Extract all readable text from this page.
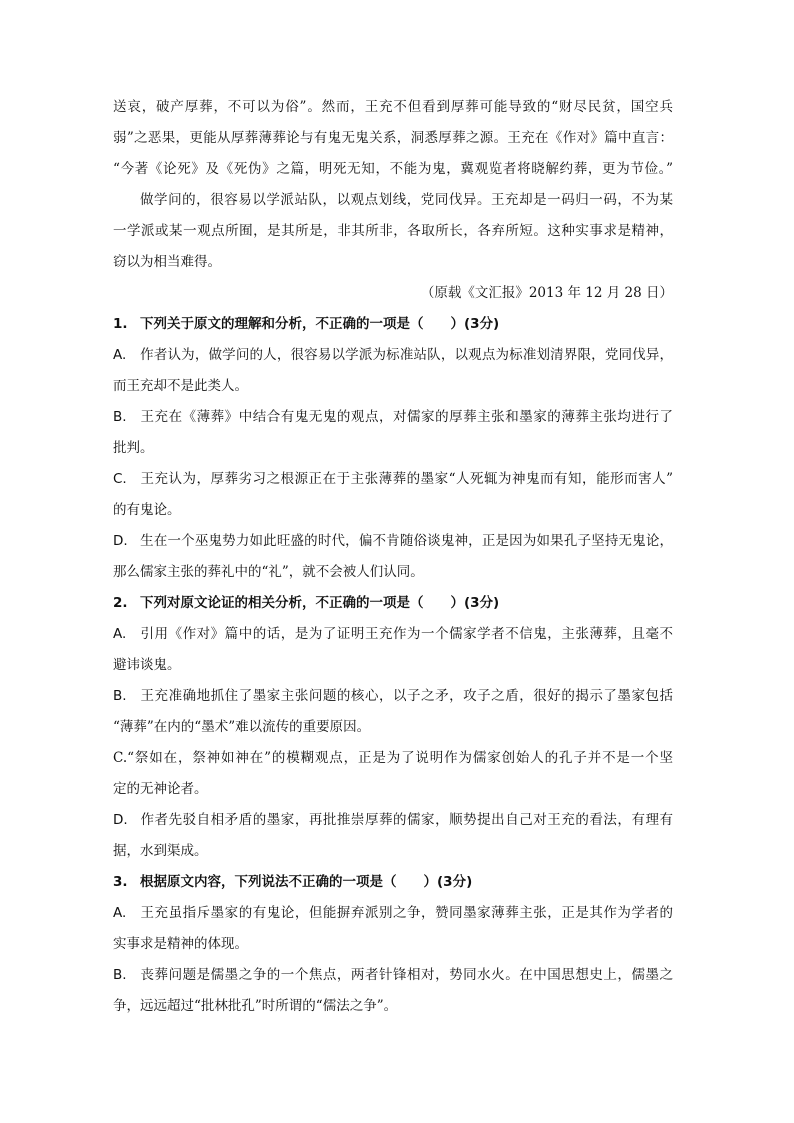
送哀，破产厚葬，不可以为俗”。然而，王充不但看到厚葬可能导致的“财尽民贫，国空兵
弱”之恶果，更能从厚葬薄葬论与有鬼无鬼关系，洞悉厚葬之源。王充在《作对》篇中直言：
“今著《论死》及《死伪》之篇，明死无知，不能为鬼，冀观览者将晓解约葬，更为节俭。”
做学问的，很容易以学派站队，以观点划线，党同伐异。王充却是一码归一码，不为某
一学派或某一观点所囿，是其所是，非其所非，各取所长，各弃所短。这种实事求是精神，
窃以为相当难得。
（原载《文汇报》2013 年 12 月 28 日）
1. 下列关于原文的理解和分析，不正确的一项是（　　）(3分)
A. 作者认为，做学问的人，很容易以学派为标准站队，以观点为标准划清界限，党同伐异，
而王充却不是此类人。
B. 王充在《薄葬》中结合有鬼无鬼的观点，对儒家的厚葬主张和墨家的薄葬主张均进行了
批判。
C. 王充认为，厚葬劣习之根源正在于主张薄葬的墨家“人死辄为神鬼而有知，能形而害人”
的有鬼论。
D. 生在一个巫鬼势力如此旺盛的时代，偏不肯随俗谈鬼神，正是因为如果孔子坚持无鬼论，
那么儒家主张的葬礼中的“礼”，就不会被人们认同。
2. 下列对原文论证的相关分析，不正确的一项是（　　）(3分)
A. 引用《作对》篇中的话，是为了证明王充作为一个儒家学者不信鬼，主张薄葬，且毫不
避讳谈鬼。
B. 王充准确地抓住了墨家主张问题的核心，以子之矛，攻子之盾，很好的揭示了墨家包括
“薄葬”在内的“墨术”难以流传的重要原因。
C.“祭如在，祭神如神在”的模糊观点，正是为了说明作为儒家创始人的孔子并不是一个坚
定的无神论者。
D. 作者先驳自相矛盾的墨家，再批推崇厚葬的儒家，顺势提出自己对王充的看法，有理有
据，水到渠成。
3. 根据原文内容，下列说法不正确的一项是（　　）(3分)
A. 王充虽指斥墨家的有鬼论，但能摒弃派别之争，赞同墨家薄葬主张，正是其作为学者的
实事求是精神的体现。
B. 丧葬问题是儒墨之争的一个焦点，两者针锋相对，势同水火。在中国思想史上，儒墨之
争，远远超过“批林批孔”时所谓的“儒法之争”。
